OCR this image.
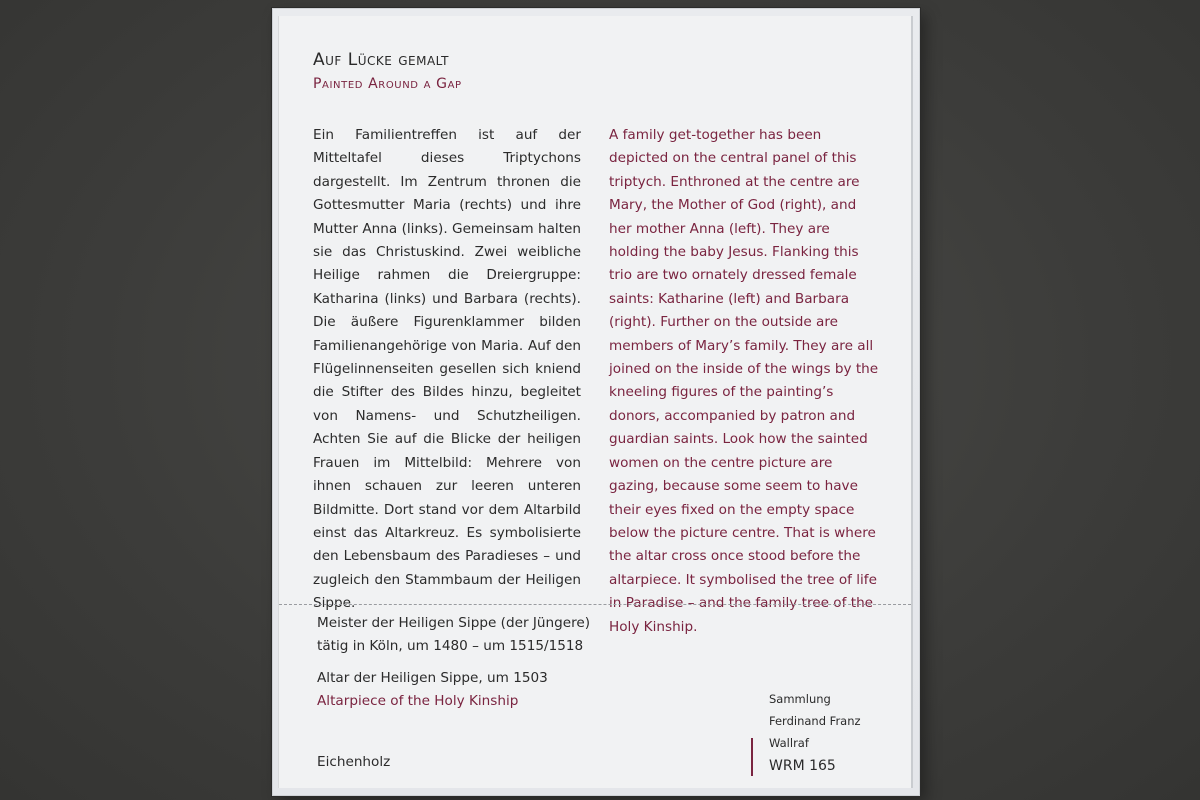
Auf Lücke gemalt
Painted Around a Gap
Ein Familientreffen ist auf der Mitteltafel dieses Triptychons dargestellt. Im Zentrum thronen die Gottesmutter Maria (rechts) und ihre Mutter Anna (links). Gemeinsam halten sie das Christuskind. Zwei weibliche Heilige rahmen die Dreiergruppe: Katharina (links) und Barbara (rechts). Die äußere Figurenklammer bilden Familienangehörige von Maria. Auf den Flügelinnenseiten gesellen sich kniend die Stifter des Bildes hinzu, begleitet von Namens- und Schutzheiligen. Achten Sie auf die Blicke der heiligen Frauen im Mittelbild: Mehrere von ihnen schauen zur leeren unteren Bildmitte. Dort stand vor dem Altarbild einst das Altarkreuz. Es symbolisierte den Lebensbaum des Paradieses – und zugleich den Stammbaum der Heiligen Sippe.
A family get-together has been depicted on the central panel of this triptych. Enthroned at the centre are Mary, the Mother of God (right), and her mother Anna (left). They are holding the baby Jesus. Flanking this trio are two ornately dressed female saints: Katharine (left) and Barbara (right). Further on the outside are members of Mary’s family. They are all joined on the inside of the wings by the kneeling figures of the painting’s donors, accompanied by patron and guardian saints. Look how the sainted women on the centre picture are gazing, because some seem to have their eyes fixed on the empty space below the picture centre. That is where the altar cross once stood before the altarpiece. It symbolised the tree of life in Paradise – and the family tree of the Holy Kinship.
Meister der Heiligen Sippe (der Jüngere)
tätig in Köln, um 1480 – um 1515/1518
Altar der Heiligen Sippe, um 1503
Altarpiece of the Holy Kinship
Eichenholz
Sammlung
Ferdinand Franz
Wallraf
WRM 165
